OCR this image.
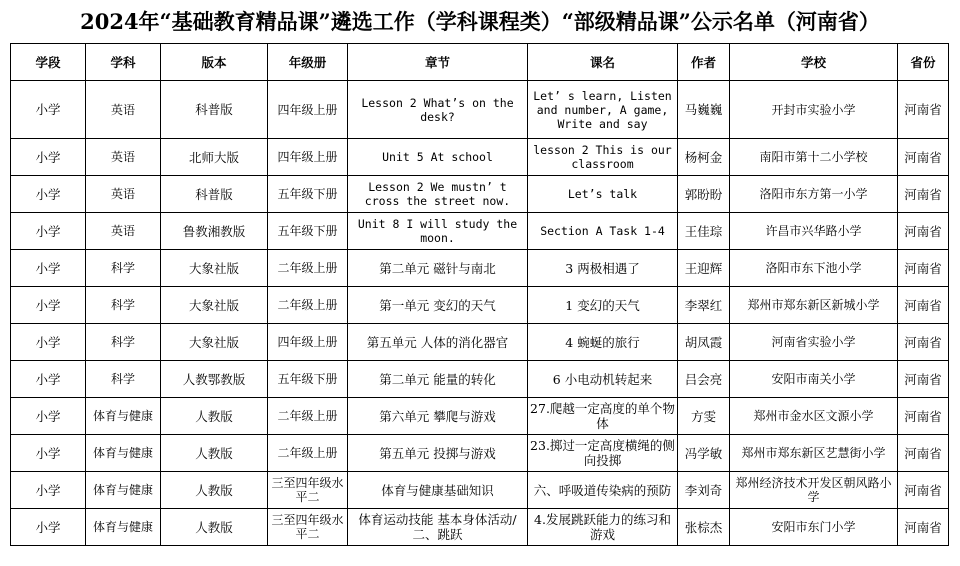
2024年“基础教育精品课”遴选工作（学科课程类）“部级精品课”公示名单（河南省）
学段	学科	版本	年级册	章节	课名	作者	学校	省份
小学	英语	科普版	四年级上册	Lesson 2 What’s on the desk?	Let’ s learn, Listen and number, A game, Write and say	马巍巍	开封市实验小学	河南省
小学	英语	北师大版	四年级上册	Unit 5 At school	lesson 2 This is our classroom	杨柯金	南阳市第十二小学校	河南省
小学	英语	科普版	五年级下册	Lesson 2 We mustn’ t cross the street now.	Let’s talk	郭盼盼	洛阳市东方第一小学	河南省
小学	英语	鲁教湘教版	五年级下册	Unit 8 I will study the moon.	Section A Task 1-4	王佳琮	许昌市兴华路小学	河南省
小学	科学	大象社版	二年级上册	第二单元 磁针与南北	3 两极相遇了	王迎辉	洛阳市东下池小学	河南省
小学	科学	大象社版	二年级上册	第一单元 变幻的天气	1 变幻的天气	李翠红	郑州市郑东新区新城小学	河南省
小学	科学	大象社版	四年级上册	第五单元 人体的消化器官	4 蜿蜒的旅行	胡凤霞	河南省实验小学	河南省
小学	科学	人教鄂教版	五年级下册	第二单元 能量的转化	6 小电动机转起来	吕会亮	安阳市南关小学	河南省
小学	体育与健康	人教版	二年级上册	第六单元 攀爬与游戏	27.爬越一定高度的单个物体	方雯	郑州市金水区文源小学	河南省
小学	体育与健康	人教版	二年级上册	第五单元 投掷与游戏	23.掷过一定高度横绳的侧向投掷	冯学敏	郑州市郑东新区艺慧街小学	河南省
小学	体育与健康	人教版	三至四年级水平二	体育与健康基础知识	六、呼吸道传染病的预防	李刘奇	郑州经济技术开发区朝风路小学	河南省
小学	体育与健康	人教版	三至四年级水平二	体育运动技能 基本身体活动/二、跳跃	4.发展跳跃能力的练习和游戏	张棕杰	安阳市东门小学	河南省
